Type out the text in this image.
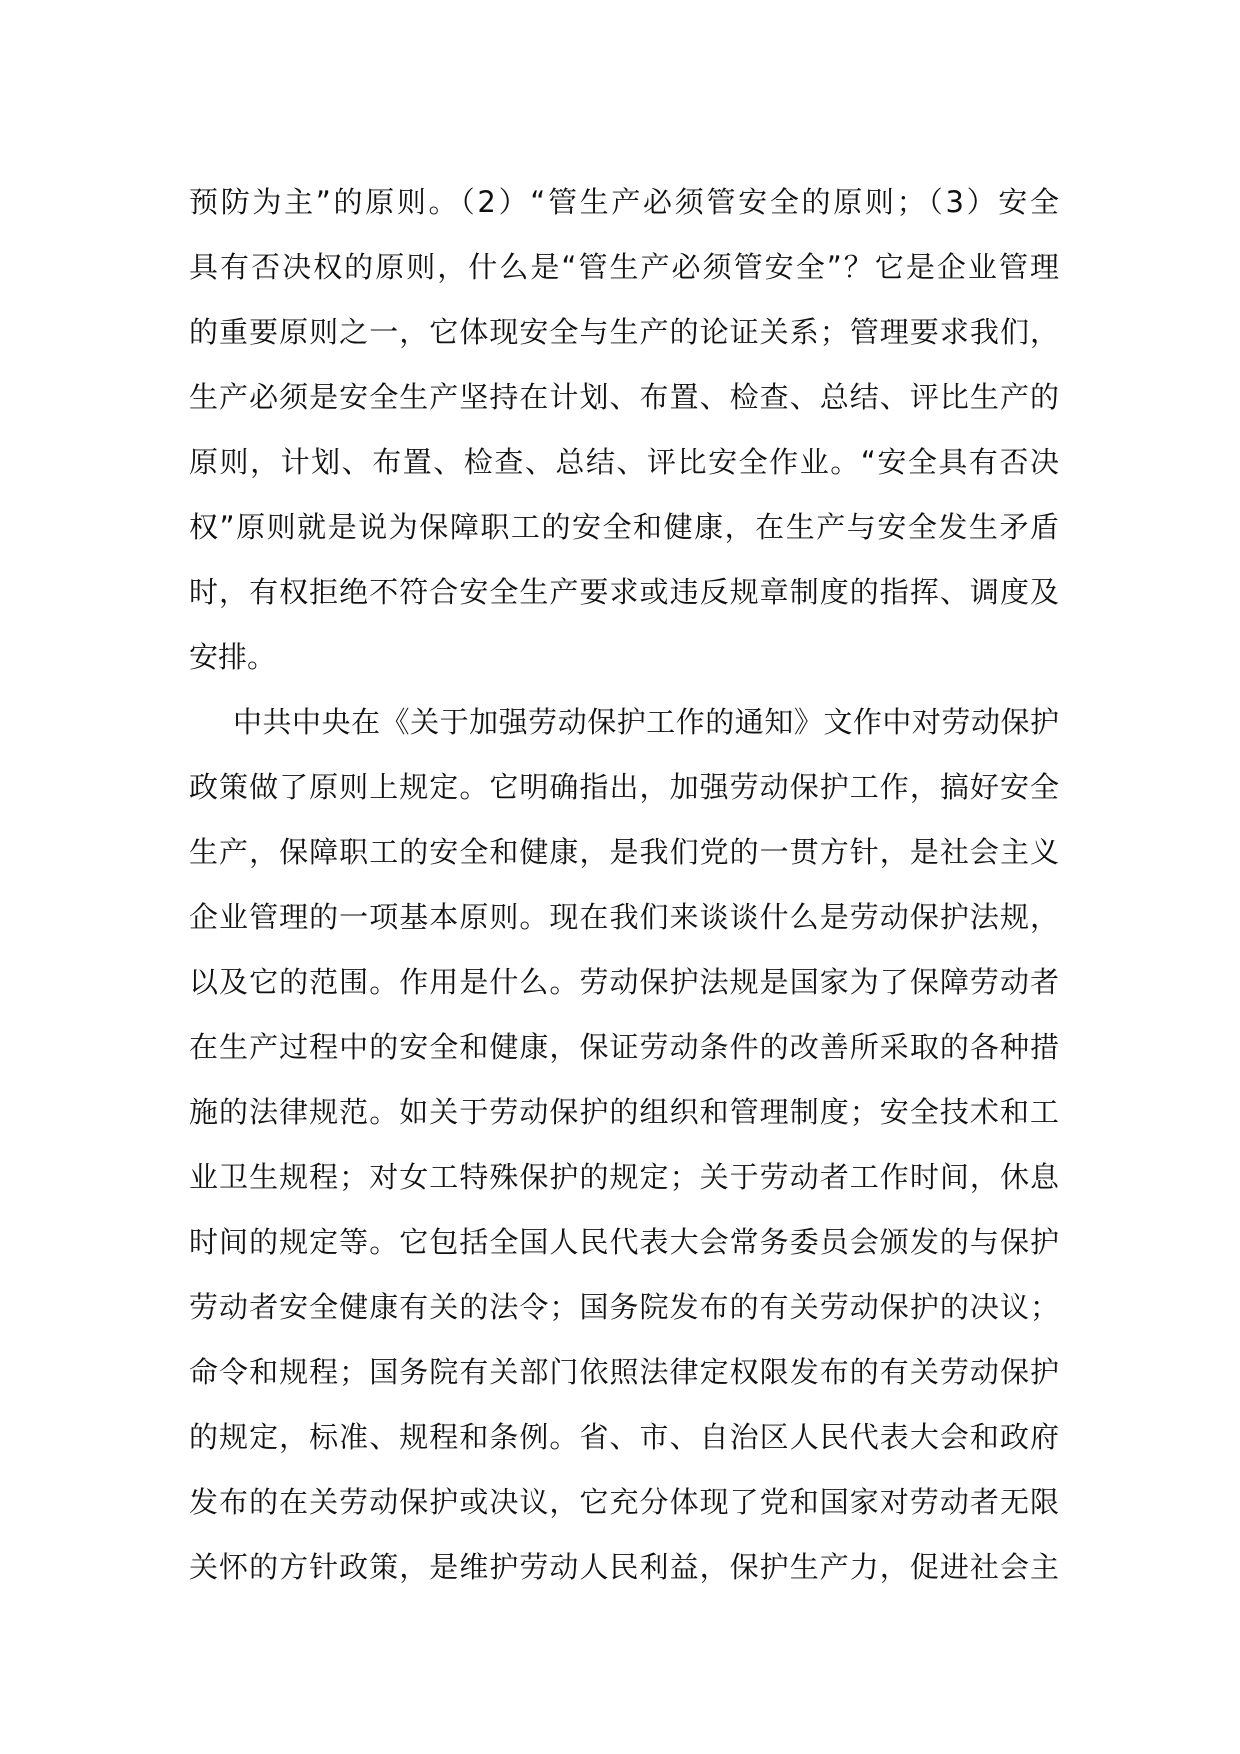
预防为主”的原则。（2）“管生产必须管安全的原则；（3）安全
具有否决权的原则，什么是“管生产必须管安全”？它是企业管理
的重要原则之一，它体现安全与生产的论证关系；管理要求我们，
生产必须是安全生产坚持在计划、布置、检查、总结、评比生产的
原则，计划、布置、检查、总结、评比安全作业。“安全具有否决
权”原则就是说为保障职工的安全和健康，在生产与安全发生矛盾
时，有权拒绝不符合安全生产要求或违反规章制度的指挥、调度及
安排。
中共中央在《关于加强劳动保护工作的通知》文作中对劳动保护
政策做了原则上规定。它明确指出，加强劳动保护工作，搞好安全
生产，保障职工的安全和健康，是我们党的一贯方针，是社会主义
企业管理的一项基本原则。现在我们来谈谈什么是劳动保护法规，
以及它的范围。作用是什么。劳动保护法规是国家为了保障劳动者
在生产过程中的安全和健康，保证劳动条件的改善所采取的各种措
施的法律规范。如关于劳动保护的组织和管理制度；安全技术和工
业卫生规程；对女工特殊保护的规定；关于劳动者工作时间，休息
时间的规定等。它包括全国人民代表大会常务委员会颁发的与保护
劳动者安全健康有关的法令；国务院发布的有关劳动保护的决议；
命令和规程；国务院有关部门依照法律定权限发布的有关劳动保护
的规定，标准、规程和条例。省、市、自治区人民代表大会和政府
发布的在关劳动保护或决议，它充分体现了党和国家对劳动者无限
关怀的方针政策，是维护劳动人民利益，保护生产力，促进社会主
